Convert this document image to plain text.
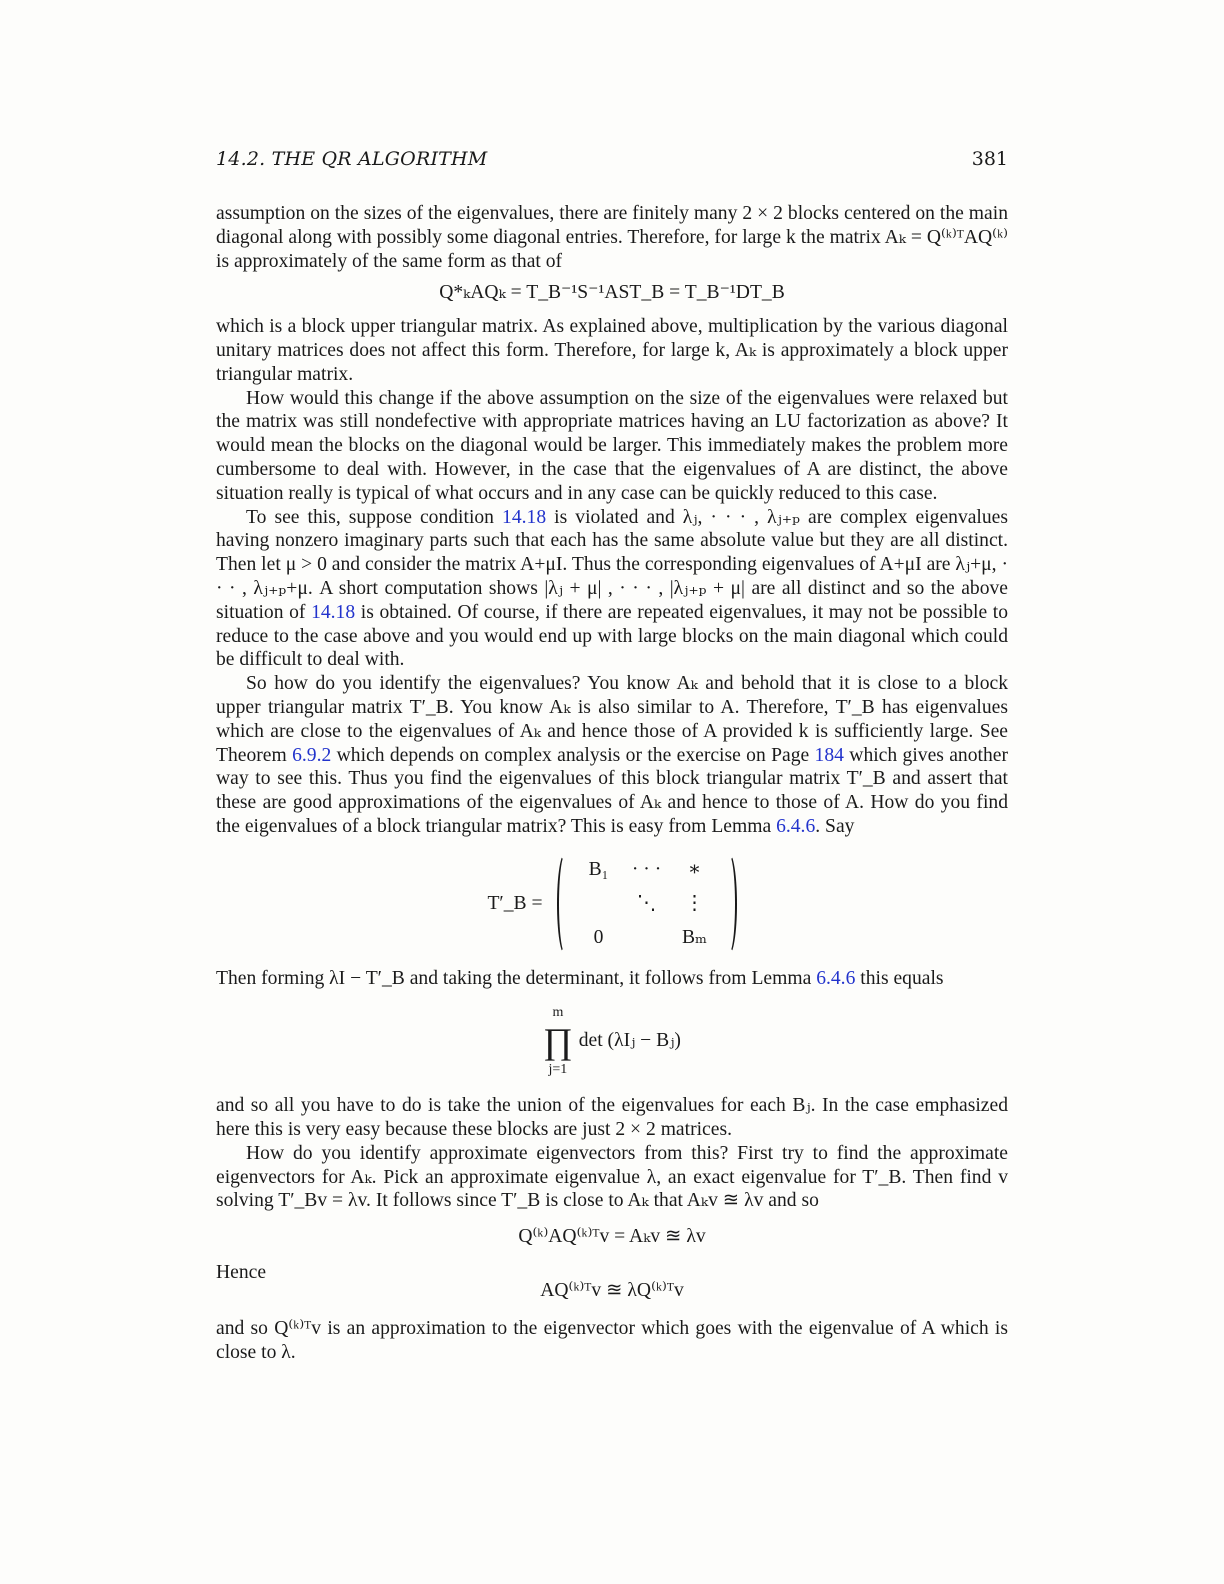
14.2. THE QR ALGORITHM	381

assumption on the sizes of the eigenvalues, there are finitely many 2 × 2 blocks centered on the main diagonal along with possibly some diagonal entries. Therefore, for large k the matrix Aₖ = Q⁽ᵏ⁾ᵀAQ⁽ᵏ⁾ is approximately of the same form as that of

Q*ₖAQₖ = T_B⁻¹S⁻¹AST_B = T_B⁻¹DT_B

which is a block upper triangular matrix. As explained above, multiplication by the various diagonal unitary matrices does not affect this form. Therefore, for large k, Aₖ is approximately a block upper triangular matrix.

How would this change if the above assumption on the size of the eigenvalues were relaxed but the matrix was still nondefective with appropriate matrices having an LU factorization as above? It would mean the blocks on the diagonal would be larger. This immediately makes the problem more cumbersome to deal with. However, in the case that the eigenvalues of A are distinct, the above situation really is typical of what occurs and in any case can be quickly reduced to this case.

To see this, suppose condition 14.18 is violated and λⱼ, · · · , λⱼ₊ₚ are complex eigenvalues having nonzero imaginary parts such that each has the same absolute value but they are all distinct. Then let μ > 0 and consider the matrix A+μI. Thus the corresponding eigenvalues of A+μI are λⱼ+μ, · · · , λⱼ₊ₚ+μ. A short computation shows |λⱼ + μ| , · · · , |λⱼ₊ₚ + μ| are all distinct and so the above situation of 14.18 is obtained. Of course, if there are repeated eigenvalues, it may not be possible to reduce to the case above and you would end up with large blocks on the main diagonal which could be difficult to deal with.

So how do you identify the eigenvalues? You know Aₖ and behold that it is close to a block upper triangular matrix T′_B. You know Aₖ is also similar to A. Therefore, T′_B has eigenvalues which are close to the eigenvalues of Aₖ and hence those of A provided k is sufficiently large. See Theorem 6.9.2 which depends on complex analysis or the exercise on Page 184 which gives another way to see this. Thus you find the eigenvalues of this block triangular matrix T′_B and assert that these are good approximations of the eigenvalues of Aₖ and hence to those of A. How do you find the eigenvalues of a block triangular matrix? This is easy from Lemma 6.4.6. Say

T′_B =
B₁ · · · ∗
⋱ ⋮
0	Bₘ

Then forming λI − T′_B and taking the determinant, it follows from Lemma 6.4.6 this equals

m
∏
j=1
det (λIⱼ − Bⱼ)

and so all you have to do is take the union of the eigenvalues for each Bⱼ. In the case emphasized here this is very easy because these blocks are just 2 × 2 matrices.

How do you identify approximate eigenvectors from this? First try to find the approximate eigenvectors for Aₖ. Pick an approximate eigenvalue λ, an exact eigenvalue for T′_B. Then find v solving T′_Bv = λv. It follows since T′_B is close to Aₖ that Aₖv ≊ λv and so

Q⁽ᵏ⁾AQ⁽ᵏ⁾ᵀv = Aₖv ≊ λv
Hence
AQ⁽ᵏ⁾ᵀv ≊ λQ⁽ᵏ⁾ᵀv

and so Q⁽ᵏ⁾ᵀv is an approximation to the eigenvector which goes with the eigenvalue of A which is close to λ.
